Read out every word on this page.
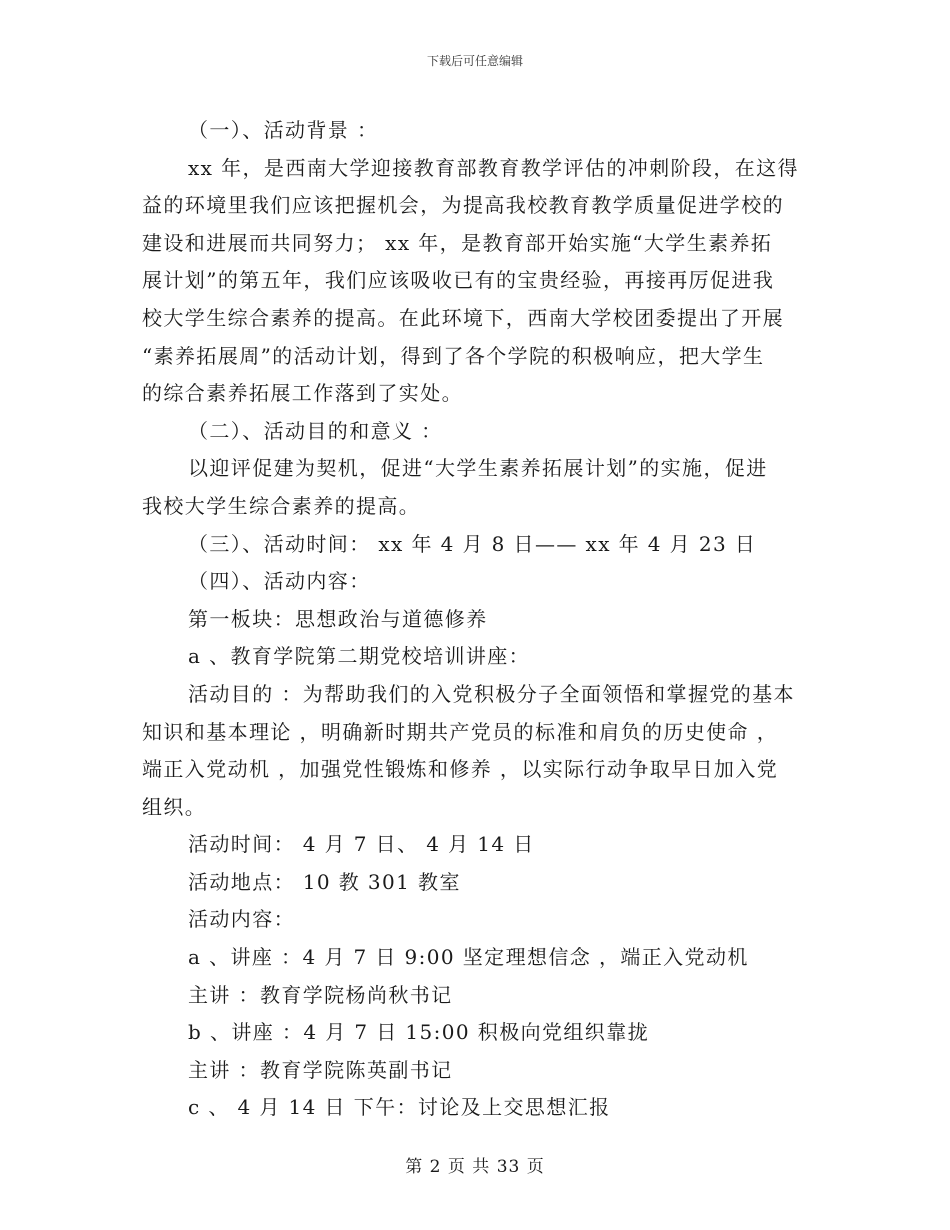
下载后可任意编辑
（一）、活动背景 ：
xx 年，是西南大学迎接教育部教育教学评估的冲刺阶段，在这得
益的环境里我们应该把握机会，为提高我校教育教学质量促进学校的
建设和进展而共同努力； xx 年，是教育部开始实施“大学生素养拓
展计划”的第五年，我们应该吸收已有的宝贵经验，再接再厉促进我
校大学生综合素养的提高。在此环境下，西南大学校团委提出了开展
“素养拓展周”的活动计划，得到了各个学院的积极响应，把大学生
的综合素养拓展工作落到了实处。
（二）、活动目的和意义 ：
以迎评促建为契机，促进“大学生素养拓展计划”的实施，促进
我校大学生综合素养的提高。
（三）、活动时间： xx 年 4 月 8 日—— xx 年 4 月 23 日
（四）、活动内容：
第一板块：思想政治与道德修养
a 、教育学院第二期党校培训讲座：
活动目的 ：为帮助我们的入党积极分子全面领悟和掌握党的基本
知识和基本理论 ，明确新时期共产党员的标准和肩负的历史使命 ，
端正入党动机 ，加强党性锻炼和修养 ，以实际行动争取早日加入党
组织。
活动时间： 4 月 7 日、 4 月 14 日
活动地点： 10 教 301 教室
活动内容：
a 、讲座 ：4 月 7 日 9:00 坚定理想信念 ，端正入党动机
主讲 ：教育学院杨尚秋书记
b 、讲座 ：4 月 7 日 15:00 积极向党组织靠拢
主讲 ：教育学院陈英副书记
c 、 4 月 14 日 下午：讨论及上交思想汇报
第 2 页 共 33 页
